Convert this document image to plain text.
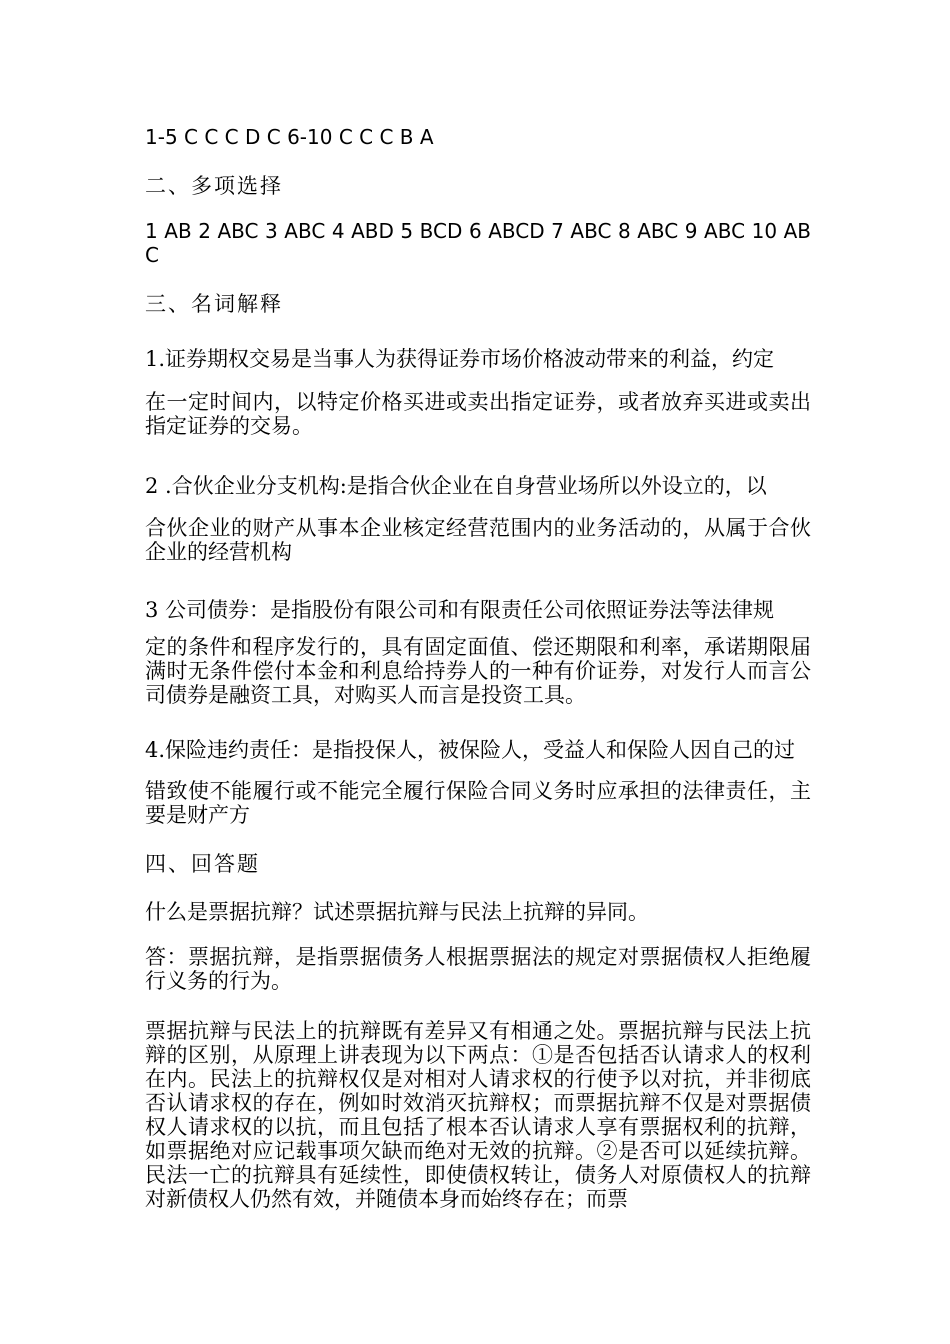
1-5 C C C D C 6-10 C C C B A
二、多项选择
1 AB 2 ABC 3 ABC 4 ABD 5 BCD 6 ABCD 7 ABC 8 ABC 9 ABC 10 ABC
三、名词解释
1.证券期权交易是当事人为获得证券市场价格波动带来的利益，约定
在一定时间内，以特定价格买进或卖出指定证券，或者放弃买进或卖出指定证券的交易。
2 .合伙企业分支机构:是指合伙企业在自身营业场所以外设立的，以
合伙企业的财产从事本企业核定经营范围内的业务活动的，从属于合伙企业的经营机构
3 公司债券：是指股份有限公司和有限责任公司依照证券法等法律规
定的条件和程序发行的，具有固定面值、偿还期限和利率，承诺期限届满时无条件偿付本金和利息给持券人的一种有价证券，对发行人而言公司债券是融资工具，对购买人而言是投资工具。
4.保险违约责任：是指投保人，被保险人，受益人和保险人因自己的过
错致使不能履行或不能完全履行保险合同义务时应承担的法律责任，主要是财产方
四、回答题
什么是票据抗辩？试述票据抗辩与民法上抗辩的异同。
答：票据抗辩，是指票据债务人根据票据法的规定对票据债权人拒绝履行义务的行为。
票据抗辩与民法上的抗辩既有差异又有相通之处。票据抗辩与民法上抗辩的区别，从原理上讲表现为以下两点：①是否包括否认请求人的权利在内。民法上的抗辩权仅是对相对人请求权的行使予以对抗，并非彻底否认请求权的存在，例如时效消灭抗辩权；而票据抗辩不仅是对票据债权人请求权的以抗，而且包括了根本否认请求人享有票据权利的抗辩，如票据绝对应记载事项欠缺而绝对无效的抗辩。②是否可以延续抗辩。民法一亡的抗辩具有延续性，即使债权转让，债务人对原债权人的抗辩对新债权人仍然有效，并随债本身而始终存在；而票
